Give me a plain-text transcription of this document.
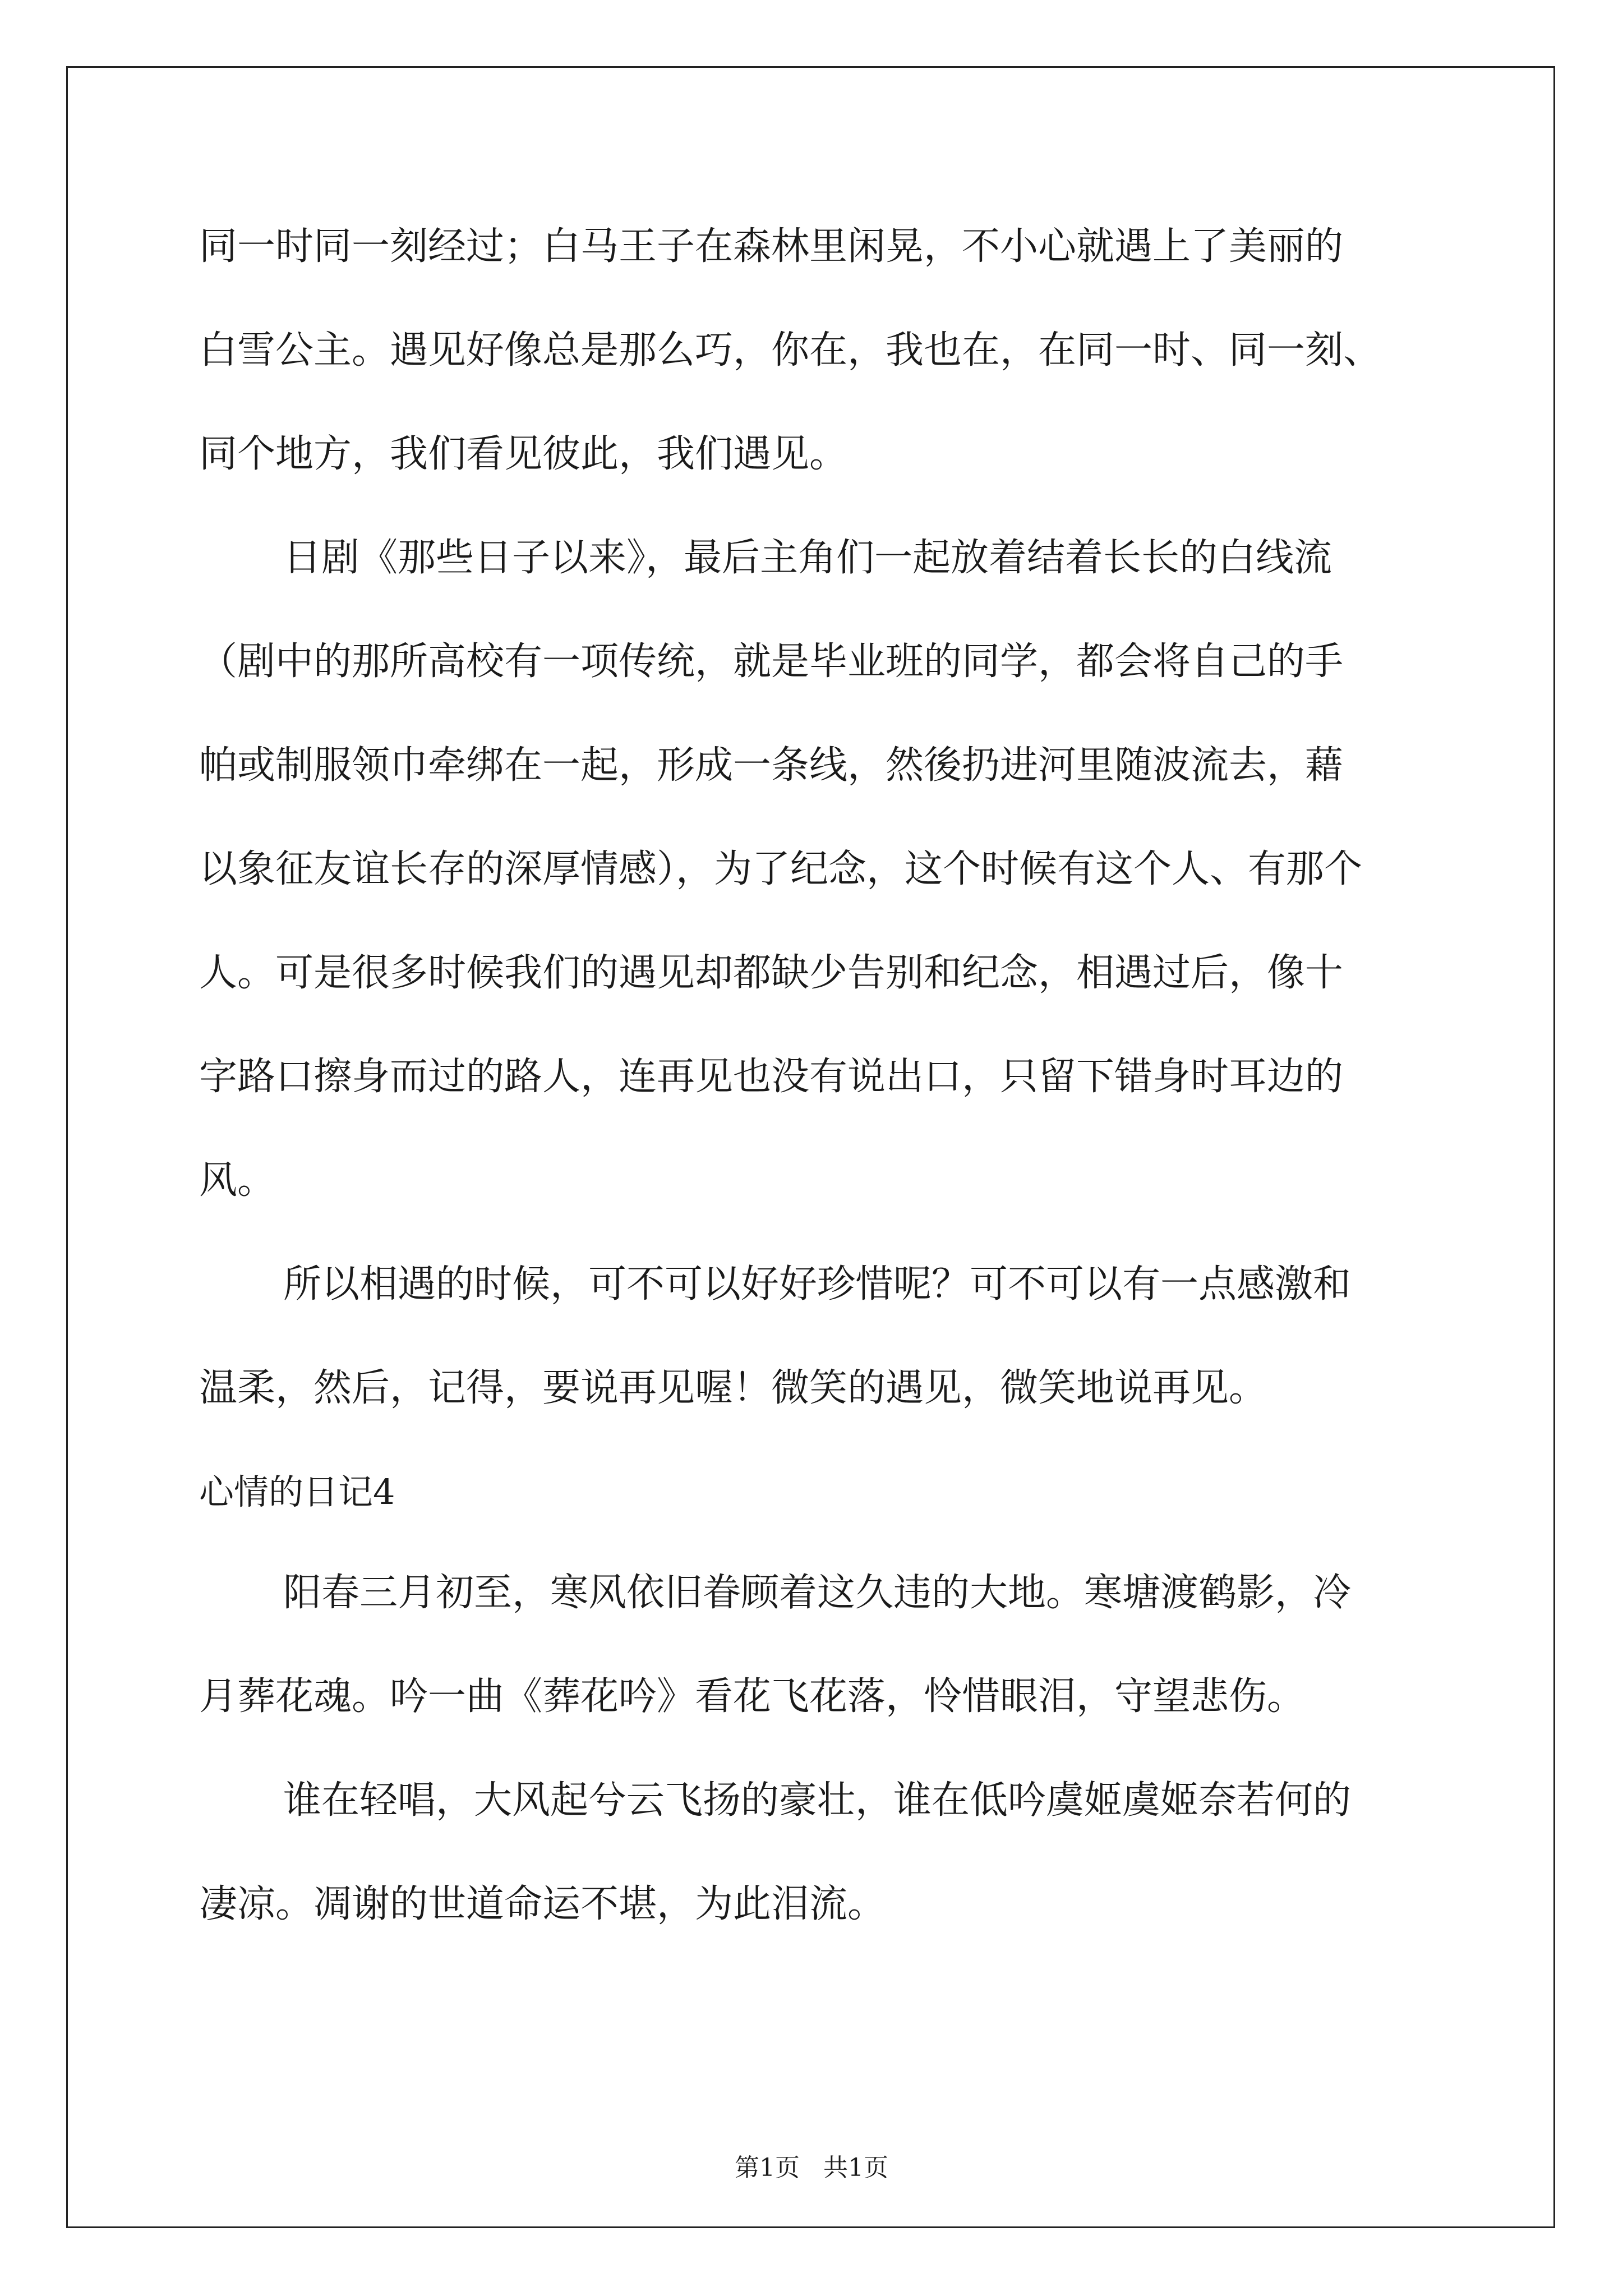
同一时同一刻经过；白马王子在森林里闲晃，不小心就遇上了美丽的
白雪公主。遇见好像总是那么巧，你在，我也在，在同一时、同一刻、
同个地方，我们看见彼此，我们遇见。
日剧《那些日子以来》，最后主角们一起放着结着长长的白线流
（剧中的那所高校有一项传统，就是毕业班的同学，都会将自己的手
帕或制服领巾牵绑在一起，形成一条线，然後扔进河里随波流去，藉
以象征友谊长存的深厚情感），为了纪念，这个时候有这个人、有那个
人。可是很多时候我们的遇见却都缺少告别和纪念，相遇过后，像十
字路口擦身而过的路人，连再见也没有说出口，只留下错身时耳边的
风。
所以相遇的时候，可不可以好好珍惜呢？可不可以有一点感激和
温柔，然后，记得，要说再见喔！微笑的遇见，微笑地说再见。
心情的日记4
阳春三月初至，寒风依旧眷顾着这久违的大地。寒塘渡鹤影，冷
月葬花魂。吟一曲《葬花吟》看花飞花落，怜惜眼泪，守望悲伤。
谁在轻唱，大风起兮云飞扬的豪壮，谁在低吟虞姬虞姬奈若何的
凄凉。凋谢的世道命运不堪，为此泪流。
第1页   共1页
